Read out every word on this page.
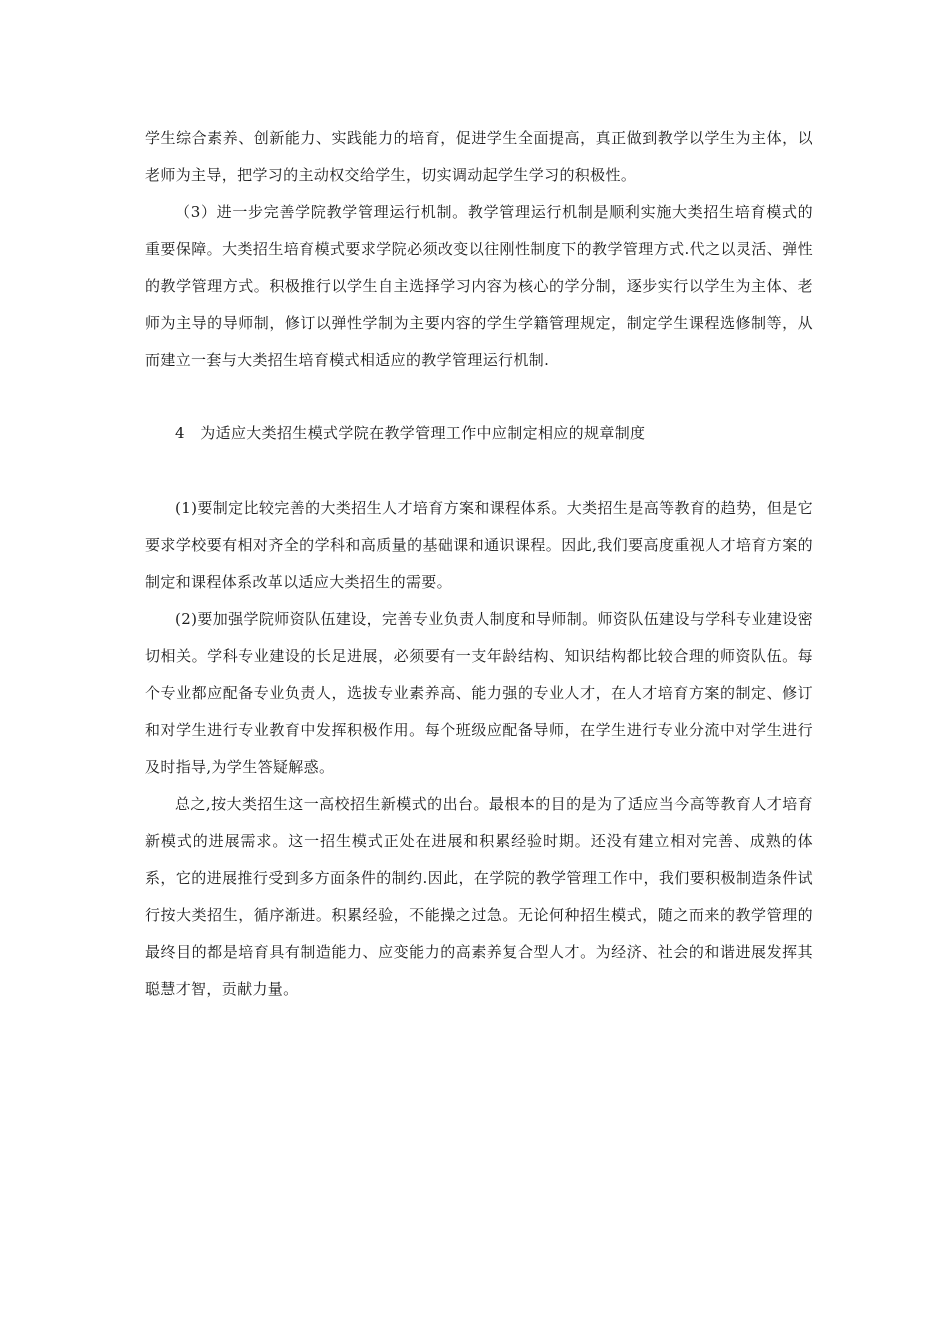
学生综合素养、创新能力、实践能力的培育，促进学生全面提高，真正做到教学以学生为主体，以老师为主导，把学习的主动权交给学生，切实调动起学生学习的积极性。

（3）进一步完善学院教学管理运行机制。教学管理运行机制是顺利实施大类招生培育模式的重要保障。大类招生培育模式要求学院必须改变以往刚性制度下的教学管理方式.代之以灵活、弹性的教学管理方式。积极推行以学生自主选择学习内容为核心的学分制，逐步实行以学生为主体、老师为主导的导师制，修订以弹性学制为主要内容的学生学籍管理规定，制定学生课程选修制等，从而建立一套与大类招生培育模式相适应的教学管理运行机制.

4　为适应大类招生模式学院在教学管理工作中应制定相应的规章制度

(1)要制定比较完善的大类招生人才培育方案和课程体系。大类招生是高等教育的趋势，但是它要求学校要有相对齐全的学科和高质量的基础课和通识课程。因此,我们要高度重视人才培育方案的制定和课程体系改革以适应大类招生的需要。

(2)要加强学院师资队伍建设，完善专业负责人制度和导师制。师资队伍建设与学科专业建设密切相关。学科专业建设的长足进展，必须要有一支年龄结构、知识结构都比较合理的师资队伍。每个专业都应配备专业负责人，选拔专业素养高、能力强的专业人才，在人才培育方案的制定、修订和对学生进行专业教育中发挥积极作用。每个班级应配备导师，在学生进行专业分流中对学生进行及时指导,为学生答疑解惑。

总之,按大类招生这一高校招生新模式的出台。最根本的目的是为了适应当今高等教育人才培育新模式的进展需求。这一招生模式正处在进展和积累经验时期。还没有建立相对完善、成熟的体系，它的进展推行受到多方面条件的制约.因此，在学院的教学管理工作中，我们要积极制造条件试行按大类招生，循序渐进。积累经验，不能操之过急。无论何种招生模式，随之而来的教学管理的最终目的都是培育具有制造能力、应变能力的高素养复合型人才。为经济、社会的和谐进展发挥其聪慧才智，贡献力量。
